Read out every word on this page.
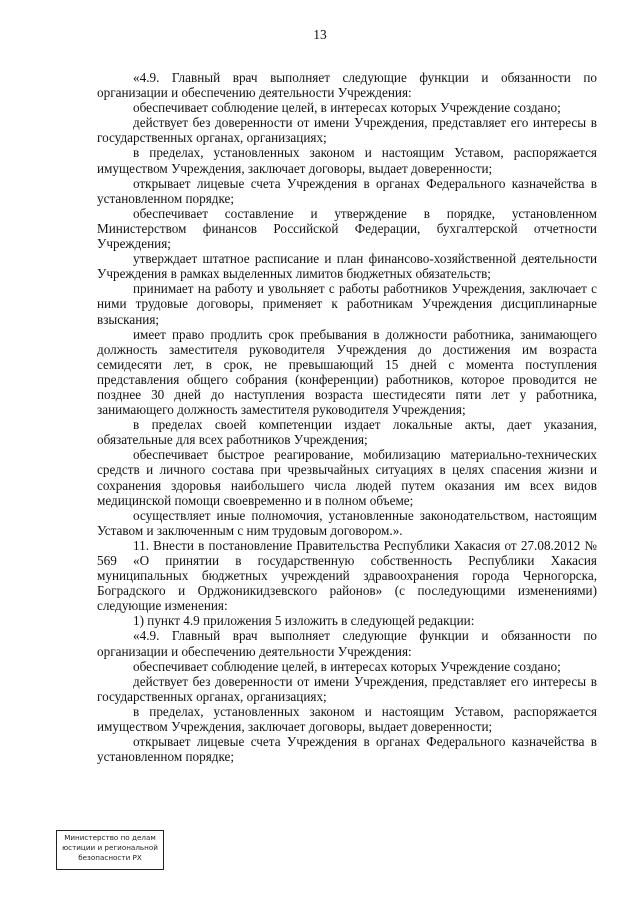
13

«4.9. Главный врач выполняет следующие функции и обязанности по организации и обеспечению деятельности Учреждения:

обеспечивает соблюдение целей, в интересах которых Учреждение создано;

действует без доверенности от имени Учреждения, представляет его интересы в государственных органах, организациях;

в пределах, установленных законом и настоящим Уставом, распоряжается имуществом Учреждения, заключает договоры, выдает доверенности;

открывает лицевые счета Учреждения в органах Федерального казначейства в установленном порядке;

обеспечивает составление и утверждение в порядке, установленном Министерством финансов Российской Федерации, бухгалтерской отчетности Учреждения;

утверждает штатное расписание и план финансово-хозяйственной деятельности Учреждения в рамках выделенных лимитов бюджетных обязательств;

принимает на работу и увольняет с работы работников Учреждения, заключает с ними трудовые договоры, применяет к работникам Учреждения дисциплинарные взыскания;

имеет право продлить срок пребывания в должности работника, занимающего должность заместителя руководителя Учреждения до достижения им возраста семидесяти лет, в срок, не превышающий 15 дней с момента поступления представления общего собрания (конференции) работников, которое проводится не позднее 30 дней до наступления возраста шестидесяти пяти лет у работника, занимающего должность заместителя руководителя Учреждения;

в пределах своей компетенции издает локальные акты, дает указания, обязательные для всех работников Учреждения;

обеспечивает быстрое реагирование, мобилизацию материально-технических средств и личного состава при чрезвычайных ситуациях в целях спасения жизни и сохранения здоровья наибольшего числа людей путем оказания им всех видов медицинской помощи своевременно и в полном объеме;

осуществляет иные полномочия, установленные законодательством, настоящим Уставом и заключенным с ним трудовым договором.».

11. Внести в постановление Правительства Республики Хакасия от 27.08.2012 № 569 «О принятии в государственную собственность Республики Хакасия муниципальных бюджетных учреждений здравоохранения города Черногорска, Боградского и Орджоникидзевского районов» (с последующими изменениями) следующие изменения:

1) пункт 4.9 приложения 5 изложить в следующей редакции:

«4.9. Главный врач выполняет следующие функции и обязанности по организации и обеспечению деятельности Учреждения:

обеспечивает соблюдение целей, в интересах которых Учреждение создано;

действует без доверенности от имени Учреждения, представляет его интересы в государственных органах, организациях;

в пределах, установленных законом и настоящим Уставом, распоряжается имуществом Учреждения, заключает договоры, выдает доверенности;

открывает лицевые счета Учреждения в органах Федерального казначейства в установленном порядке;

Министерство по делам
юстиции и региональной
безопасности РХ
